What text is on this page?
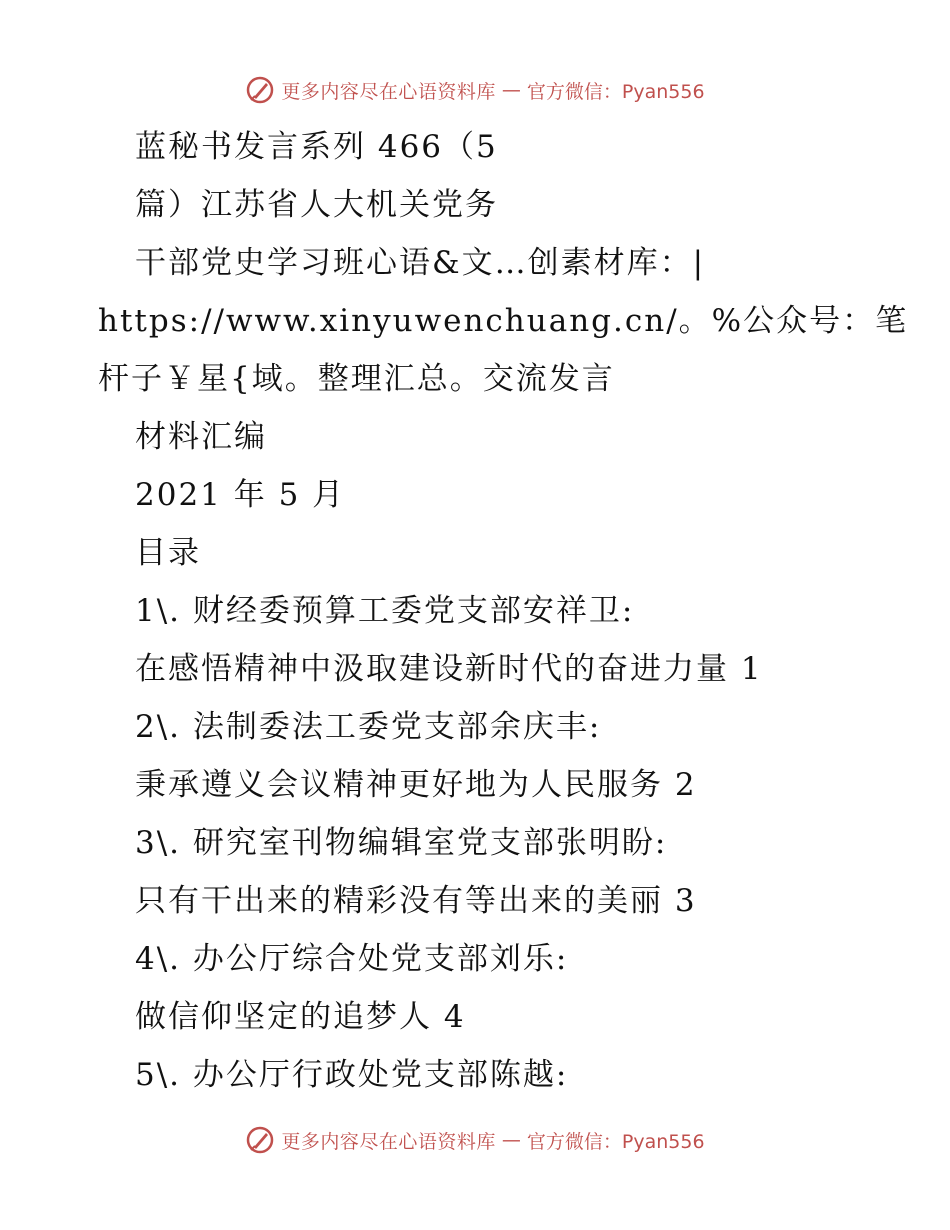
更多内容尽在心语资料库 — 官方微信：Pyan556
蓝秘书发言系列 466（5
篇）江苏省人大机关党务
干部党史学习班心语&文…创素材库：|
https://www.xinyuwenchuang.cn/。%公众号：笔
杆子￥星{域。整理汇总。交流发言
材料汇编
2021 年 5 月
目录
1\. 财经委预算工委党支部安祥卫:
在感悟精神中汲取建设新时代的奋进力量 1
2\. 法制委法工委党支部余庆丰:
秉承遵义会议精神更好地为人民服务 2
3\. 研究室刊物编辑室党支部张明盼:
只有干出来的精彩没有等出来的美丽 3
4\. 办公厅综合处党支部刘乐:
做信仰坚定的追梦人 4
5\. 办公厅行政处党支部陈越:
更多内容尽在心语资料库 — 官方微信：Pyan556
